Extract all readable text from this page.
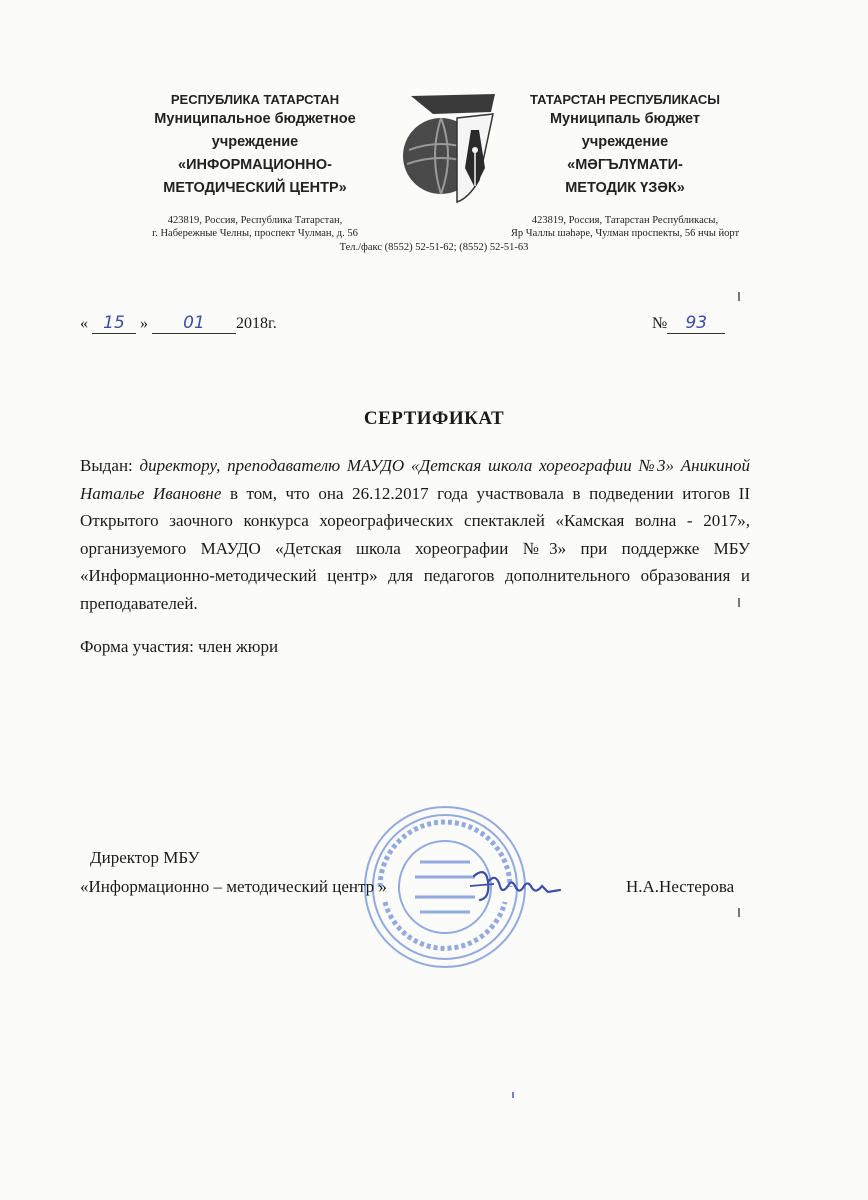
РЕСПУБЛИКА ТАТАРСТАН
Муниципальное бюджетное
учреждение
«ИНФОРМАЦИОННО-
МЕТОДИЧЕСКИЙ ЦЕНТР»
423819, Россия, Республика Татарстан,
г. Набережные Челны, проспект Чулман, д. 56
ТАТАРСТАН РЕСПУБЛИКАСЫ
Муниципаль бюджет
учреждение
«МӘГЪЛҮМАТИ-
МЕТОДИК ҮЗӘК»
423819, Россия, Татарстан Республикасы,
Яр Чаллы шәһәре, Чулман проспекты, 56 нчы йорт
Тел./факс (8552) 52-51-62; (8552) 52-51-63
« 15 » 01 2018г.	№ 93
СЕРТИФИКАТ
Выдан: директору, преподавателю МАУДО «Детская школа хореографии №3» Аникиной Наталье Ивановне в том, что она 26.12.2017 года участвовала в подведении итогов II Открытого заочного конкурса хореографических спектаклей «Камская волна - 2017», организуемого МАУДО «Детская школа хореографии №3» при поддержке МБУ «Информационно-методический центр» для педагогов дополнительного образования и преподавателей.
Форма участия: член жюри
Директор МБУ
«Информационно – методический центр »	Н.А.Нестерова
